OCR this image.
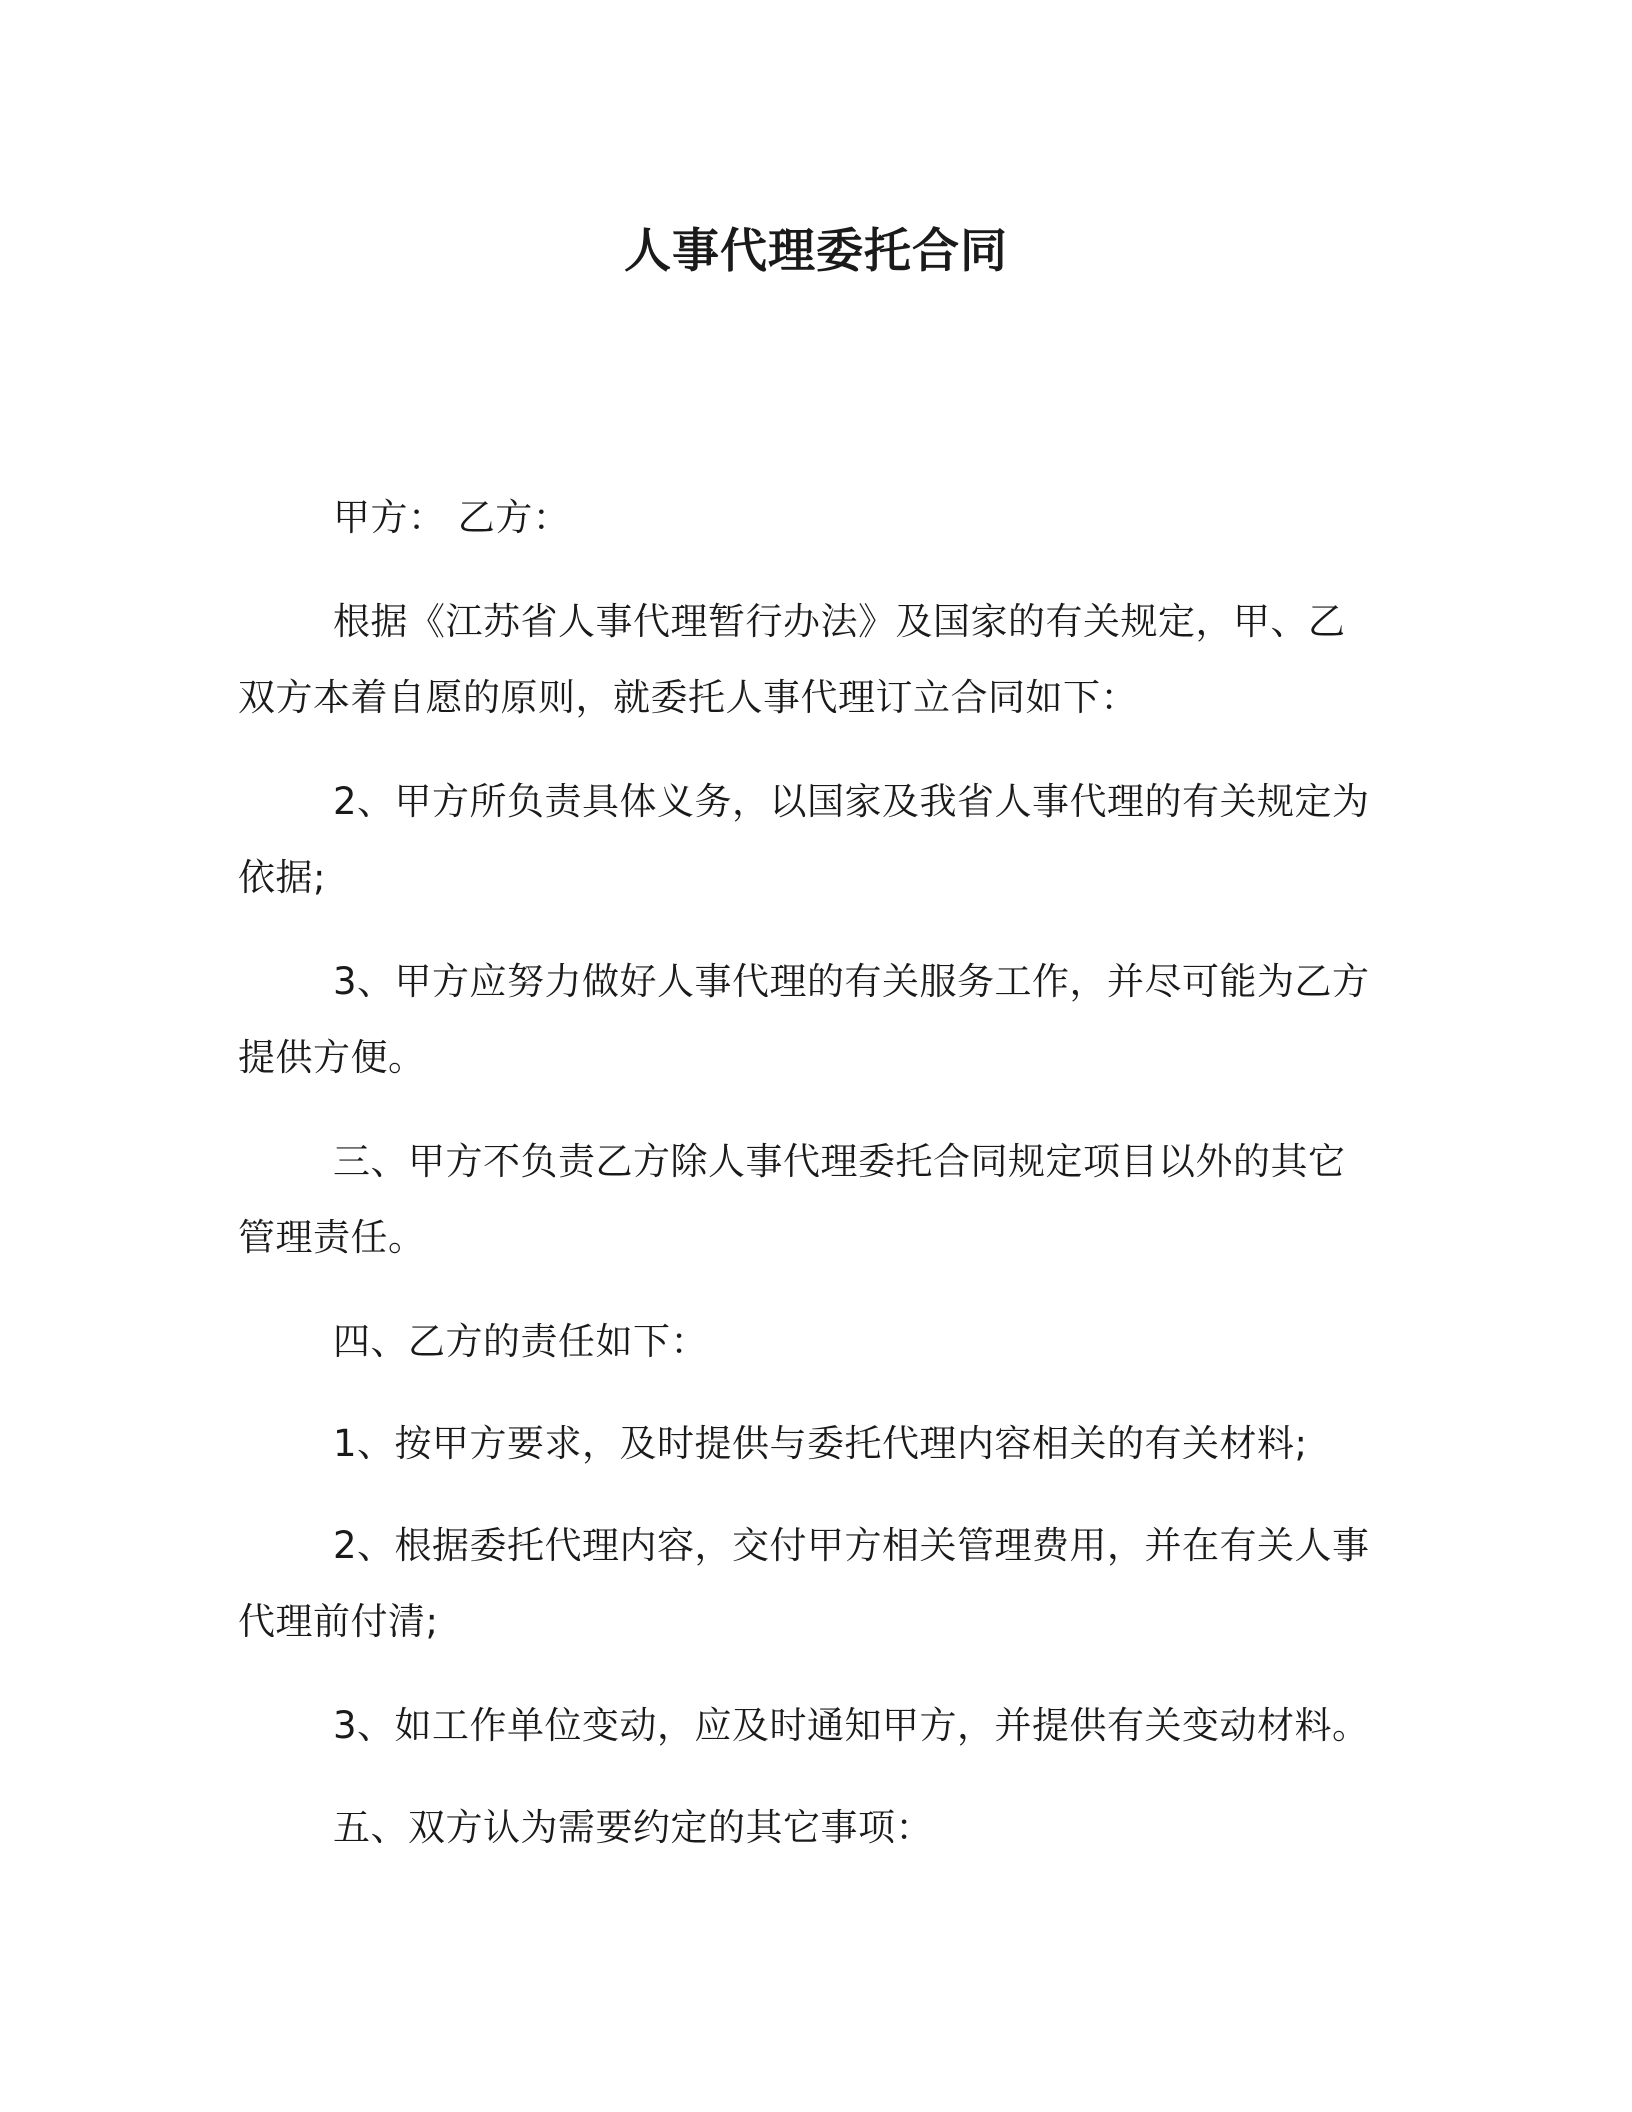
人事代理委托合同

甲方： 乙方：

根据《江苏省人事代理暂行办法》及国家的有关规定，甲、乙双方本着自愿的原则，就委托人事代理订立合同如下：

2、甲方所负责具体义务，以国家及我省人事代理的有关规定为依据;

3、甲方应努力做好人事代理的有关服务工作，并尽可能为乙方提供方便。

三、甲方不负责乙方除人事代理委托合同规定项目以外的其它管理责任。

四、乙方的责任如下：

1、按甲方要求，及时提供与委托代理内容相关的有关材料;

2、根据委托代理内容，交付甲方相关管理费用，并在有关人事代理前付清;

3、如工作单位变动，应及时通知甲方，并提供有关变动材料。

五、双方认为需要约定的其它事项：
